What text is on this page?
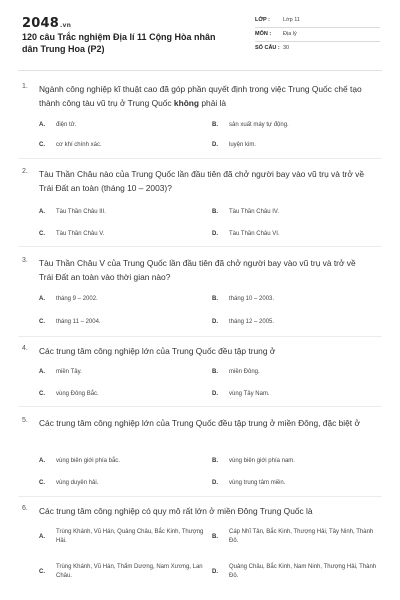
2048.vn
120 câu Trắc nghiệm Địa lí 11 Cộng Hòa nhân dân Trung Hoa (P2)
LỚP : Lớp 11
MÔN : Địa lý
SỐ CÂU : 30
1. Ngành công nghiệp kĩ thuật cao đã góp phần quyết định trong việc Trung Quốc chế tạo thành công tàu vũ trụ ở Trung Quốc không phải là
A. điện tử.	B. sản xuất máy tự động.
C. cơ khí chính xác.	D. luyện kim.
2. Tàu Thần Châu nào của Trung Quốc lần đầu tiên đã chở người bay vào vũ trụ và trở về Trái Đất an toàn (tháng 10 – 2003)?
A. Tàu Thần Châu III.	B. Tàu Thần Châu IV.
C. Tàu Thần Châu V.	D. Tàu Thần Châu VI.
3. Tàu Thần Châu V của Trung Quốc lần đầu tiên đã chở người bay vào vũ trụ và trở về Trái Đất an toàn vào thời gian nào?
A. tháng 9 – 2002.	B. tháng 10 – 2003.
C. tháng 11 – 2004.	D. tháng 12 – 2005.
4. Các trung tâm công nghiệp lớn của Trung Quốc đều tập trung ở
A. miền Tây.	B. miền Đông.
C. vùng Đông Bắc.	D. vùng Tây Nam.
5. Các trung tâm công nghiệp lớn của Trung Quốc đều tập trung ở miền Đông, đặc biệt ở
A. vùng biên giới phía bắc.	B. vùng biên giới phía nam.
C. vùng duyên hải.	D. vùng trung tâm miền.
6. Các trung tâm công nghiệp có quy mô rất lớn ở miền Đông Trung Quốc là
A.
Trùng Khánh, Vũ Hán, Quảng Châu, Bắc Kinh, Thượng Hải.
B.
Cáp Nhĩ Tân, Bắc Kinh, Thượng Hải, Tây Ninh, Thành Đô.
C.
Trùng Khánh, Vũ Hán, Thẩm Dương, Nam Xương, Lan Châu.
D.
Quảng Châu, Bắc Kinh, Nam Ninh, Thượng Hải, Thành Đô.
